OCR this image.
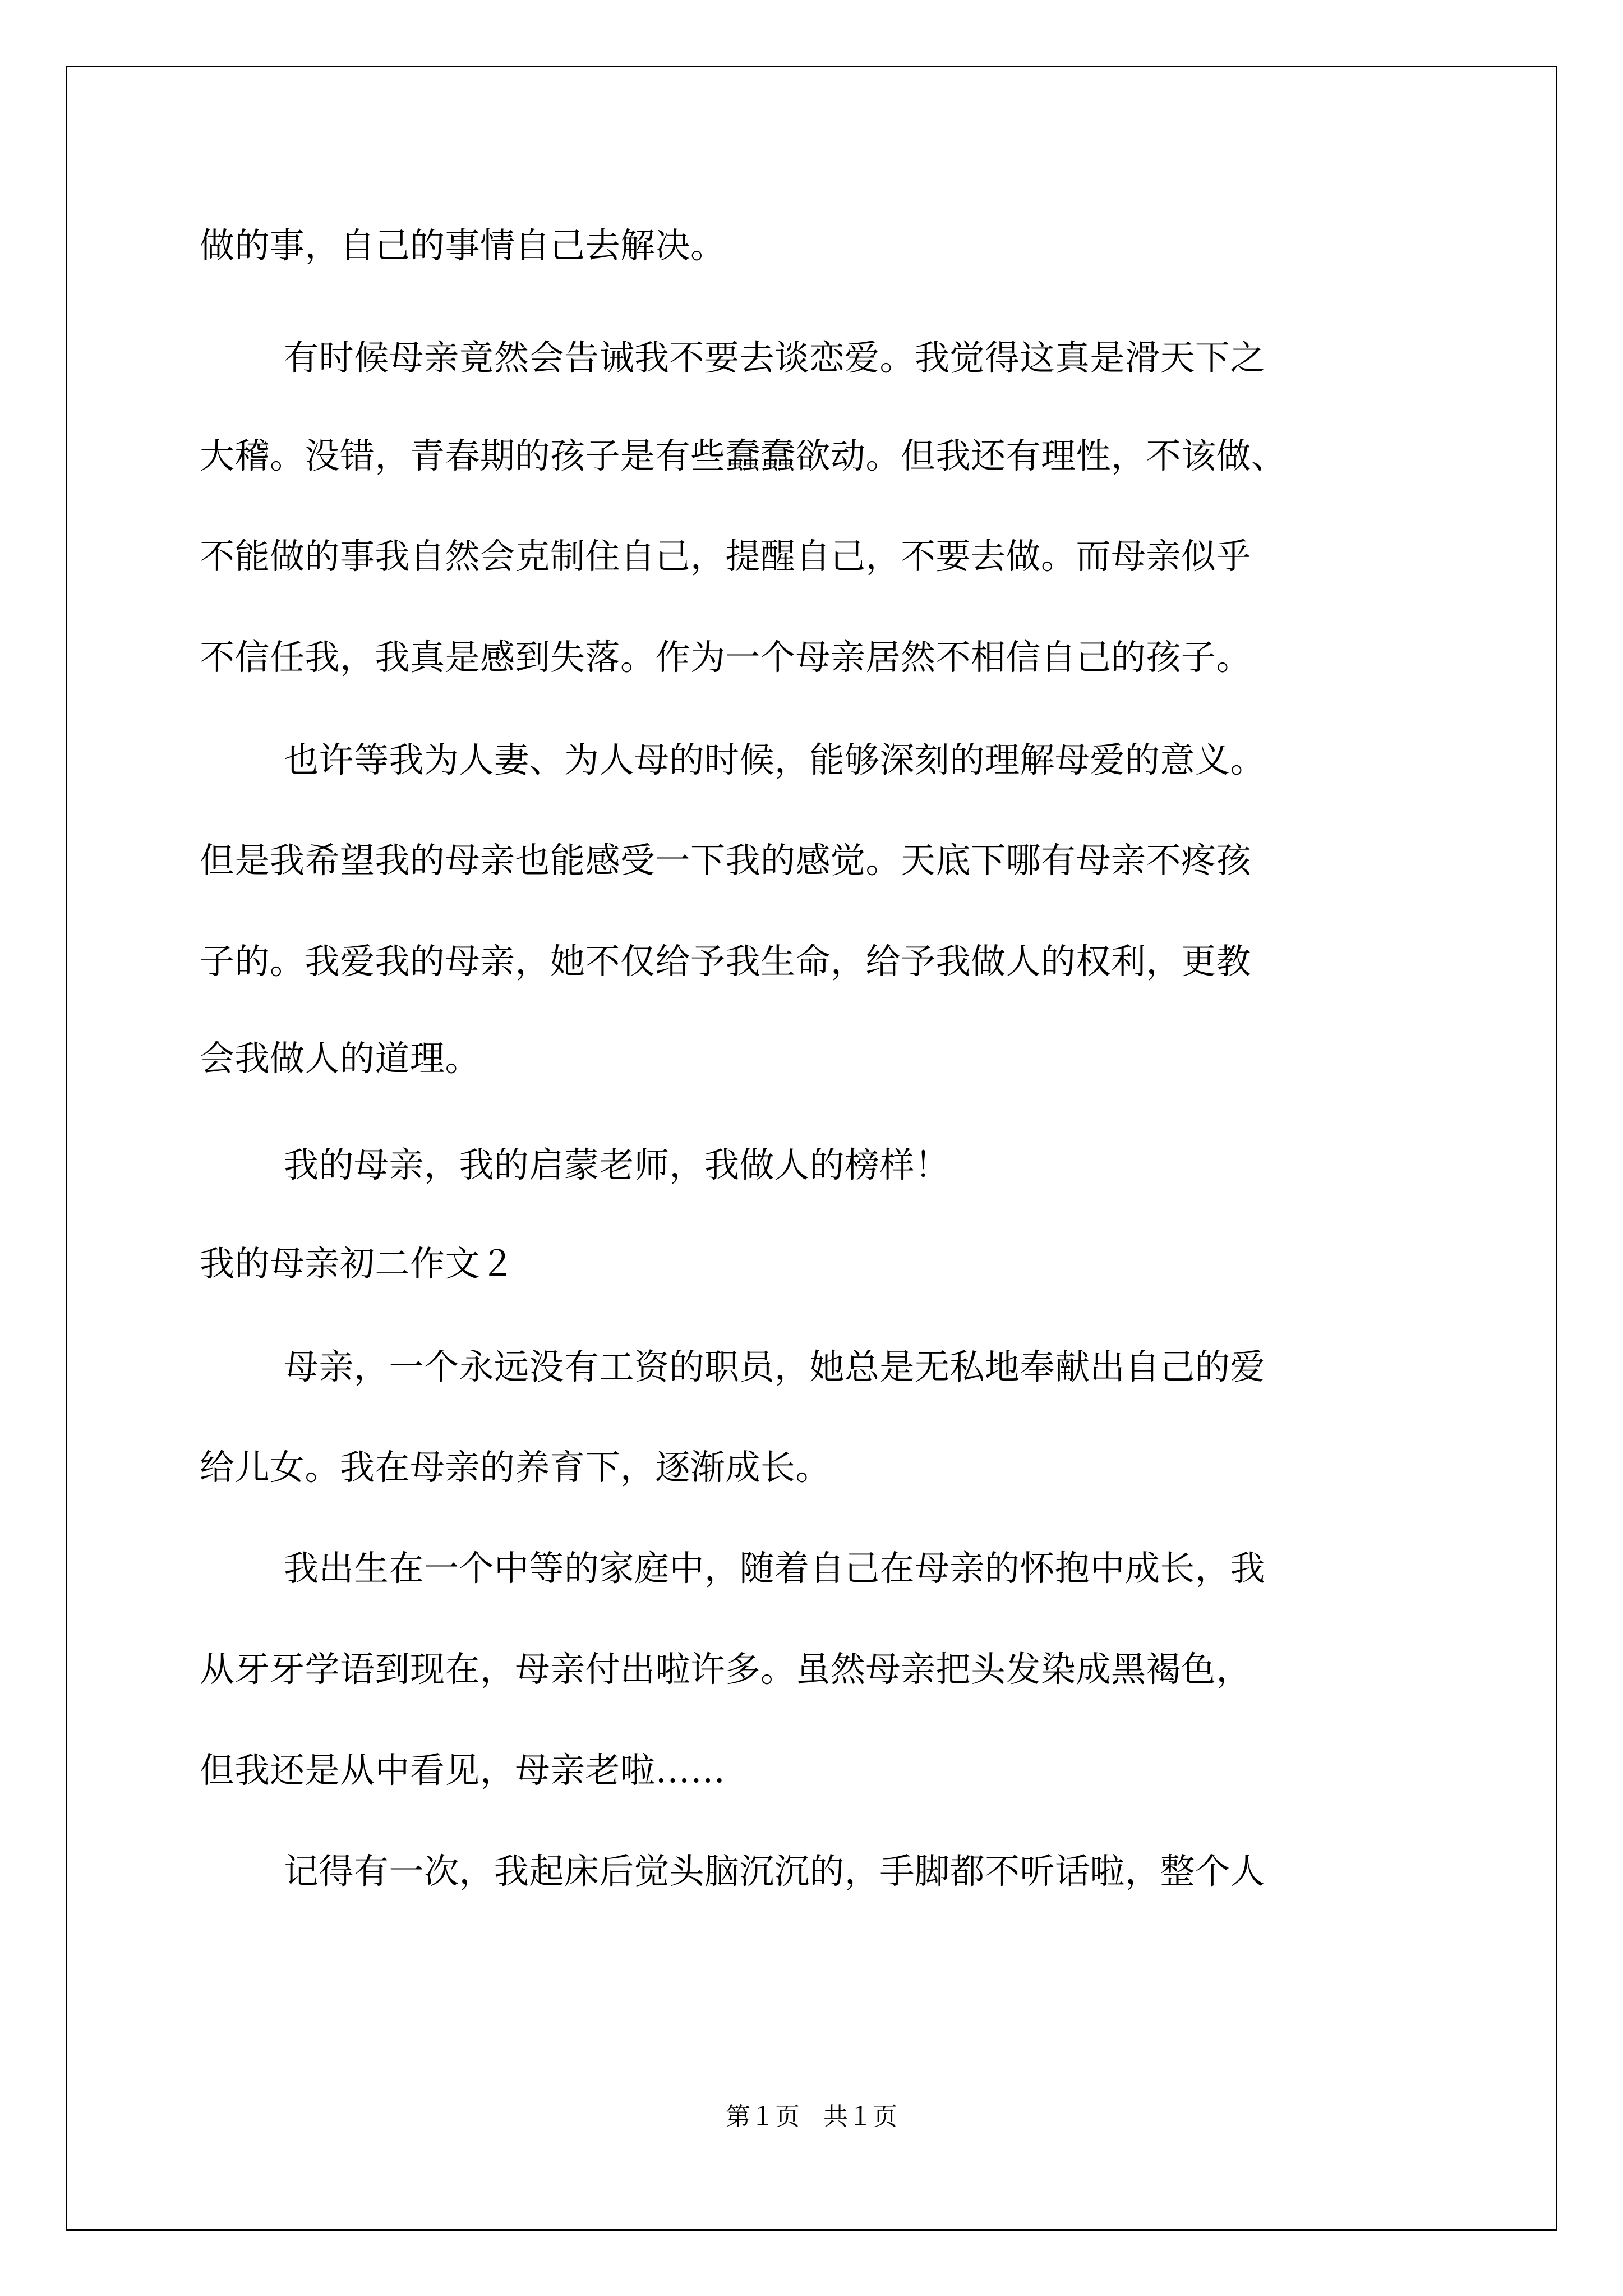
做的事，自己的事情自己去解决。
有时候母亲竟然会告诫我不要去谈恋爱。我觉得这真是滑天下之
大稽。没错，青春期的孩子是有些蠢蠢欲动。但我还有理性，不该做、
不能做的事我自然会克制住自己，提醒自己，不要去做。而母亲似乎
不信任我，我真是感到失落。作为一个母亲居然不相信自己的孩子。
也许等我为人妻、为人母的时候，能够深刻的理解母爱的意义。
但是我希望我的母亲也能感受一下我的感觉。天底下哪有母亲不疼孩
子的。我爱我的母亲，她不仅给予我生命，给予我做人的权利，更教
会我做人的道理。
我的母亲，我的启蒙老师，我做人的榜样！
我的母亲初二作文２
母亲，一个永远没有工资的职员，她总是无私地奉献出自己的爱
给儿女。我在母亲的养育下，逐渐成长。
我出生在一个中等的家庭中，随着自己在母亲的怀抱中成长，我
从牙牙学语到现在，母亲付出啦许多。虽然母亲把头发染成黑褐色，
但我还是从中看见，母亲老啦……
记得有一次，我起床后觉头脑沉沉的，手脚都不听话啦，整个人
第１页   共１页
